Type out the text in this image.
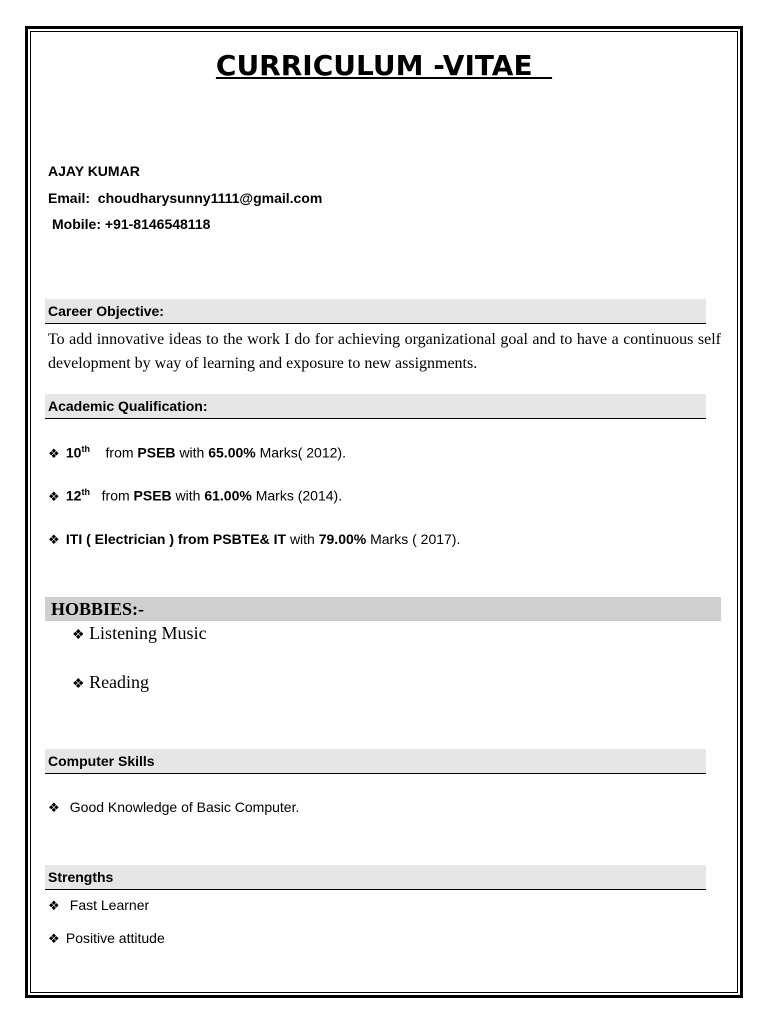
CURRICULUM -VITAE
AJAY KUMAR
Email: choudharysunny1111@gmail.com
Mobile: +91-8146548118
Career Objective:
To add innovative ideas to the work I do for achieving organizational goal and to have a continuous self development by way of learning and exposure to new assignments.
Academic Qualification:
❖ 10th from PSEB with 65.00% Marks( 2012).
❖ 12th from PSEB with 61.00% Marks (2014).
❖ ITI ( Electrician ) from PSBTE& IT with 79.00% Marks ( 2017).
HOBBIES:-
❖ Listening Music
❖ Reading
Computer Skills
❖ Good Knowledge of Basic Computer.
Strengths
❖ Fast Learner
❖ Positive attitude
